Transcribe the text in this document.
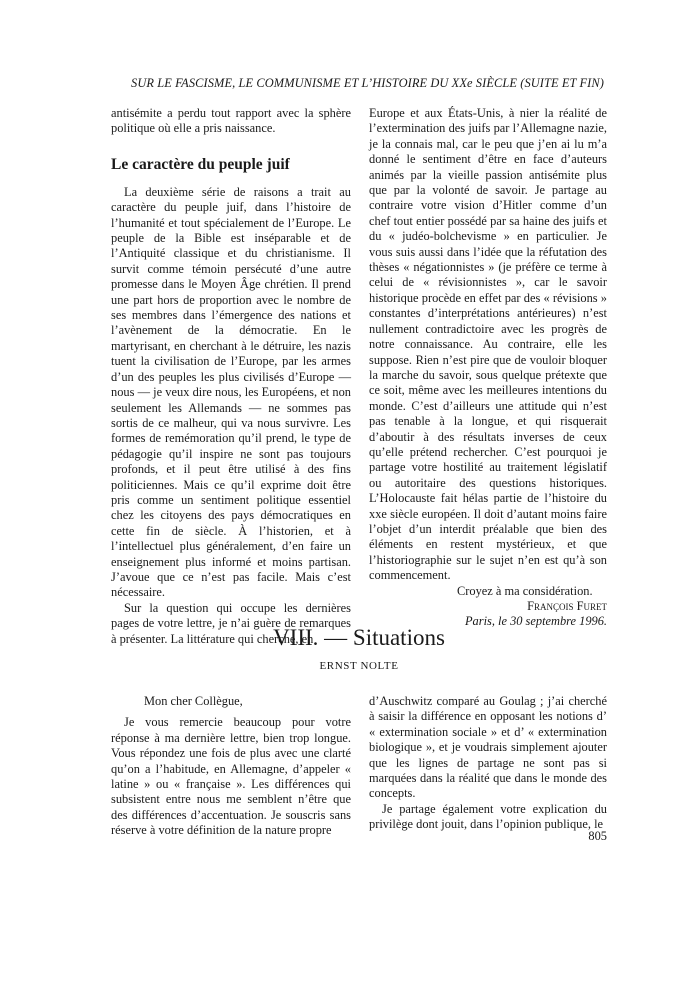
SUR LE FASCISME, LE COMMUNISME ET L’HISTOIRE DU XXe SIÈCLE (SUITE ET FIN)

antisémite a perdu tout rapport avec la sphère politique où elle a pris naissance.

Le caractère du peuple juif

La deuxième série de raisons a trait au caractère du peuple juif, dans l’histoire de l’humanité et tout spécialement de l’Europe. Le peuple de la Bible est inséparable et de l’Antiquité classique et du christianisme. Il survit comme témoin persécuté d’une autre promesse dans le Moyen Âge chrétien. Il prend une part hors de proportion avec le nombre de ses membres dans l’émergence des nations et l’avènement de la démocratie. En le martyrisant, en cherchant à le détruire, les nazis tuent la civilisation de l’Europe, par les armes d’un des peuples les plus civilisés d’Europe — nous — je veux dire nous, les Européens, et non seulement les Allemands — ne sommes pas sortis de ce malheur, qui va nous survivre. Les formes de remémoration qu’il prend, le type de pédagogie qu’il inspire ne sont pas toujours profonds, et il peut être utilisé à des fins politiciennes. Mais ce qu’il exprime doit être pris comme un sentiment politique essentiel chez les citoyens des pays démocratiques en cette fin de siècle. À l’historien, et à l’intellectuel plus généralement, d’en faire un enseignement plus informé et moins partisan. J’avoue que ce n’est pas facile. Mais c’est nécessaire.

Sur la question qui occupe les dernières pages de votre lettre, je n’ai guère de remarques à présenter. La littérature qui cherche, en

Europe et aux États-Unis, à nier la réalité de l’extermination des juifs par l’Allemagne nazie, je la connais mal, car le peu que j’en ai lu m’a donné le sentiment d’être en face d’auteurs animés par la vieille passion antisémite plus que par la volonté de savoir. Je partage au contraire votre vision d’Hitler comme d’un chef tout entier possédé par sa haine des juifs et du « judéo-bolchevisme » en particulier. Je vous suis aussi dans l’idée que la réfutation des thèses « négationnistes » (je préfère ce terme à celui de « révisionnistes », car le savoir historique procède en effet par des « révisions » constantes d’interprétations antérieures) n’est nullement contradictoire avec les progrès de notre connaissance. Au contraire, elle les suppose. Rien n’est pire que de vouloir bloquer la marche du savoir, sous quelque prétexte que ce soit, même avec les meilleures intentions du monde. C’est d’ailleurs une attitude qui n’est pas tenable à la longue, et qui risquerait d’aboutir à des résultats inverses de ceux qu’elle prétend rechercher. C’est pourquoi je partage votre hostilité au traitement législatif ou autoritaire des questions historiques. L’Holocauste fait hélas partie de l’histoire du xxe siècle européen. Il doit d’autant moins faire l’objet d’un interdit préalable que bien des éléments en restent mystérieux, et que l’historiographie sur le sujet n’en est qu’à son commencement.

Croyez à ma considération.

François Furet

Paris, le 30 septembre 1996.

VIII. — Situations
ERNST NOLTE

Mon cher Collègue,

Je vous remercie beaucoup pour votre réponse à ma dernière lettre, bien trop longue. Vous répondez une fois de plus avec une clarté qu’on a l’habitude, en Allemagne, d’appeler « latine » ou « française ». Les différences qui subsistent entre nous me semblent n’être que des différences d’accentuation. Je souscris sans réserve à votre définition de la nature propre

d’Auschwitz comparé au Goulag ; j’ai cherché à saisir la différence en opposant les notions d’ « extermination sociale » et d’ « extermination biologique », et je voudrais simplement ajouter que les lignes de partage ne sont pas si marquées dans la réalité que dans le monde des concepts.

Je partage également votre explication du privilège dont jouit, dans l’opinion publique, le

805
